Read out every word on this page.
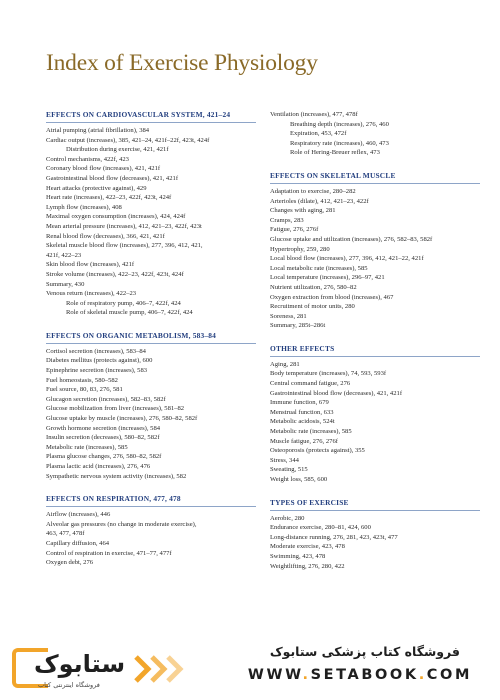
Index of Exercise Physiology
EFFECTS ON CARDIOVASCULAR SYSTEM, 421–24
Atrial pumping (atrial fibrillation), 384
Cardiac output (increases), 385, 421–24, 421f–22f, 423t, 424f
Distribution during exercise, 421, 421f
Control mechanisms, 422f, 423
Coronary blood flow (increases), 421, 421f
Gastrointestinal blood flow (decreases), 421, 421f
Heart attacks (protective against), 429
Heart rate (increases), 422–23, 422f, 423t, 424f
Lymph flow (increases), 408
Maximal oxygen consumption (increases), 424, 424f
Mean arterial pressure (increases), 412, 421–23, 422f, 423t
Renal blood flow (decreases), 366, 421, 421f
Skeletal muscle blood flow (increases), 277, 396, 412, 421,
421f, 422–23
Skin blood flow (increases), 421f
Stroke volume (increases), 422–23, 422f, 423t, 424f
Summary, 430
Venous return (increases), 422–23
Role of respiratory pump, 406–7, 422f, 424
Role of skeletal muscle pump, 406–7, 422f, 424
EFFECTS ON ORGANIC METABOLISM, 583–84
Cortisol secretion (increases), 583–84
Diabetes mellitus (protects against), 600
Epinephrine secretion (increases), 583
Fuel homeostasis, 580–582
Fuel source, 80, 83, 276, 581
Glucagon secretion (increases), 582–83, 582f
Glucose mobilization from liver (increases), 581–82
Glucose uptake by muscle (increases), 276, 580–82, 582f
Growth hormone secretion (increases), 584
Insulin secretion (decreases), 580–82, 582f
Metabolic rate (increases), 585
Plasma glucose changes, 276, 580–82, 582f
Plasma lactic acid (increases), 276, 476
Sympathetic nervous system activity (increases), 582
EFFECTS ON RESPIRATION, 477, 478
Airflow (increases), 446
Alveolar gas pressures (no change in moderate exercise),
463, 477, 478f
Capillary diffusion, 464
Control of respiration in exercise, 471–77, 477f
Oxygen debt, 276
Ventilation (increases), 477, 478f
Breathing depth (increases), 276, 460
Expiration, 453, 472f
Respiratory rate (increases), 460, 473
Role of Hering-Breuer reflex, 473
EFFECTS ON SKELETAL MUSCLE
Adaptation to exercise, 280–282
Arterioles (dilate), 412, 421–23, 422f
Changes with aging, 281
Cramps, 283
Fatigue, 276, 276f
Glucose uptake and utilization (increases), 276, 582–83, 582f
Hypertrophy, 259, 280
Local blood flow (increases), 277, 396, 412, 421–22, 421f
Local metabolic rate (increases), 585
Local temperature (increases), 296–97, 421
Nutrient utilization, 276, 580–82
Oxygen extraction from blood (increases), 467
Recruitment of motor units, 280
Soreness, 281
Summary, 285t–286t
OTHER EFFECTS
Aging, 281
Body temperature (increases), 74, 593, 593f
Central command fatigue, 276
Gastrointestinal blood flow (decreases), 421, 421f
Immune function, 679
Menstrual function, 633
Metabolic acidosis, 524t
Metabolic rate (increases), 585
Muscle fatigue, 276, 276f
Osteoporosis (protects against), 355
Stress, 344
Sweating, 515
Weight loss, 585, 600
TYPES OF EXERCISE
Aerobic, 280
Endurance exercise, 280–81, 424, 600
Long-distance running, 276, 281, 423, 423t, 477
Moderate exercise, 423, 478
Swimming, 423, 478
Weightlifting, 276, 280, 422
ستابوک
فروشگاه اینترنتی کتاب
فروشگاه کتاب پزشکی ستابوک
WWW.SETABOOK.COM
